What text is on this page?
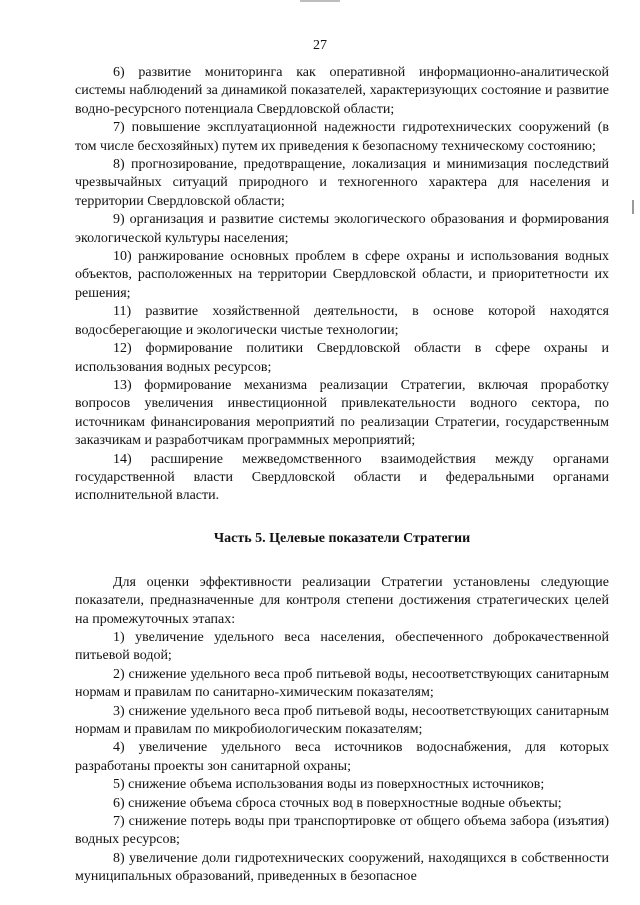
27

6) развитие мониторинга как оперативной информационно-аналитической системы наблюдений за динамикой показателей, характеризующих состояние и развитие водно-ресурсного потенциала Свердловской области;

7) повышение эксплуатационной надежности гидротехнических сооружений (в том числе бесхозяйных) путем их приведения к безопасному техническому состоянию;

8) прогнозирование, предотвращение, локализация и минимизация последствий чрезвычайных ситуаций природного и техногенного характера для населения и территории Свердловской области;

9) организация и развитие системы экологического образования и формирования экологической культуры населения;

10) ранжирование основных проблем в сфере охраны и использования водных объектов, расположенных на территории Свердловской области, и приоритетности их решения;

11) развитие хозяйственной деятельности, в основе которой находятся водосберегающие и экологически чистые технологии;

12) формирование политики Свердловской области в сфере охраны и использования водных ресурсов;

13) формирование механизма реализации Стратегии, включая проработку вопросов увеличения инвестиционной привлекательности водного сектора, по источникам финансирования мероприятий по реализации Стратегии, государственным заказчикам и разработчикам программных мероприятий;

14) расширение межведомственного взаимодействия между органами государственной власти Свердловской области и федеральными органами исполнительной власти.

Часть 5. Целевые показатели Стратегии

Для оценки эффективности реализации Стратегии установлены следующие показатели, предназначенные для контроля степени достижения стратегических целей на промежуточных этапах:

1) увеличение удельного веса населения, обеспеченного доброкачественной питьевой водой;

2) снижение удельного веса проб питьевой воды, несоответствующих санитарным нормам и правилам по санитарно-химическим показателям;

3) снижение удельного веса проб питьевой воды, несоответствующих санитарным нормам и правилам по микробиологическим показателям;

4) увеличение удельного веса источников водоснабжения, для которых разработаны проекты зон санитарной охраны;

5) снижение объема использования воды из поверхностных источников;

6) снижение объема сброса сточных вод в поверхностные водные объекты;

7) снижение потерь воды при транспортировке от общего объема забора (изъятия) водных ресурсов;

8) увеличение доли гидротехнических сооружений, находящихся в собственности муниципальных образований, приведенных в безопасное
